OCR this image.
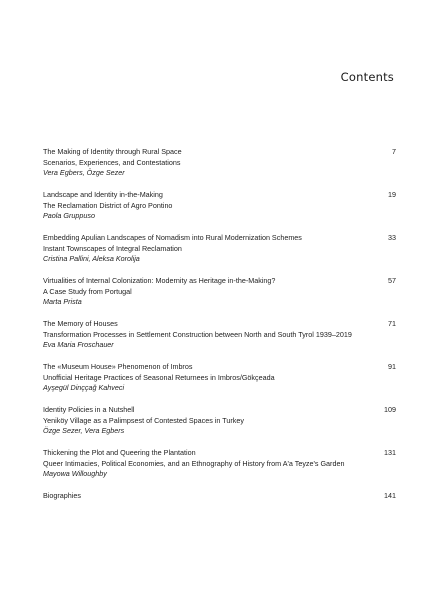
Contents
The Making of Identity through Rural Space
Scenarios, Experiences, and Contestations
Vera Egbers, Özge Sezer
7
Landscape and Identity in-the-Making
The Reclamation District of Agro Pontino
Paola Gruppuso
19
Embedding Apulian Landscapes of Nomadism into Rural Modernization Schemes
Instant Townscapes of Integral Reclamation
Cristina Pallini, Aleksa Korolija
33
Virtualities of Internal Colonization: Modernity as Heritage in-the-Making?
A Case Study from Portugal
Marta Prista
57
The Memory of Houses
Transformation Processes in Settlement Construction between North and South Tyrol 1939–2019
Eva Maria Froschauer
71
The «Museum House» Phenomenon of Imbros
Unofficial Heritage Practices of Seasonal Returnees in Imbros/Gökçeada
Ayşegül Dinççağ Kahveci
91
Identity Policies in a Nutshell
Yeniköy Village as a Palimpsest of Contested Spaces in Turkey
Özge Sezer, Vera Egbers
109
Thickening the Plot and Queering the Plantation
Queer Intimacies, Political Economies, and an Ethnography of History from A'a Teyze's Garden
Mayowa Willoughby
131
Biographies	141
